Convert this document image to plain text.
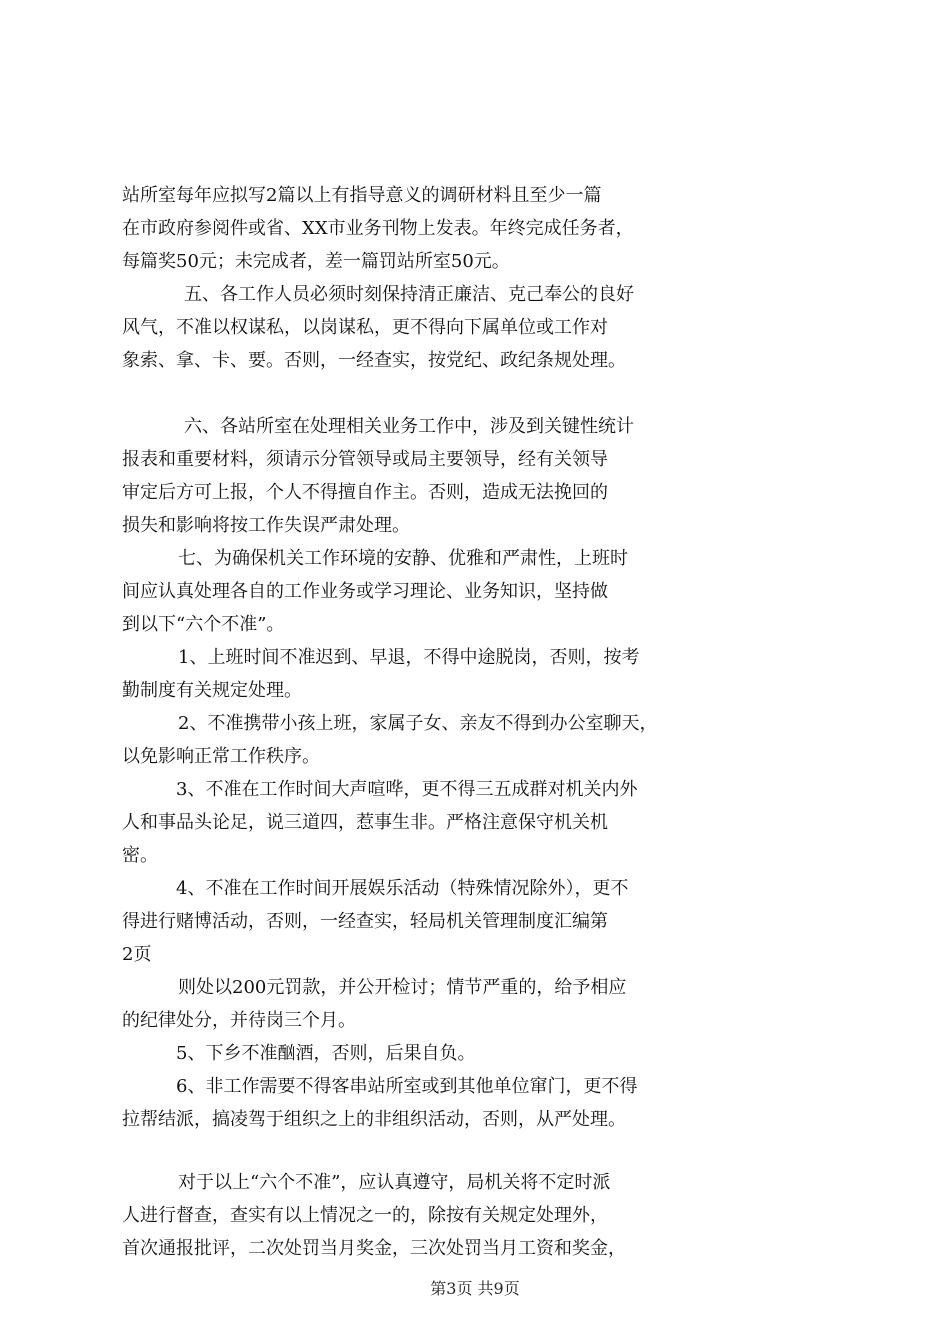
站所室每年应拟写2篇以上有指导意义的调研材料且至少一篇
在市政府参阅件或省、XX市业务刊物上发表。年终完成任务者，
每篇奖50元；未完成者，差一篇罚站所室50元。
五、各工作人员必须时刻保持清正廉洁、克己奉公的良好
风气，不准以权谋私，以岗谋私，更不得向下属单位或工作对
象索、拿、卡、要。否则，一经查实，按党纪、政纪条规处理。
六、各站所室在处理相关业务工作中，涉及到关键性统计
报表和重要材料，须请示分管领导或局主要领导，经有关领导
审定后方可上报，个人不得擅自作主。否则，造成无法挽回的
损失和影响将按工作失误严肃处理。
七、为确保机关工作环境的安静、优雅和严肃性，上班时
间应认真处理各自的工作业务或学习理论、业务知识，坚持做
到以下“六个不准”。
1、上班时间不准迟到、早退，不得中途脱岗，否则，按考
勤制度有关规定处理。
2、不准携带小孩上班，家属子女、亲友不得到办公室聊天，
以免影响正常工作秩序。
3、不准在工作时间大声喧哗，更不得三五成群对机关内外
人和事品头论足，说三道四，惹事生非。严格注意保守机关机
密。
4、不准在工作时间开展娱乐活动（特殊情况除外），更不
得进行赌博活动，否则，一经查实，轻局机关管理制度汇编第
2页
则处以200元罚款，并公开检讨；情节严重的，给予相应
的纪律处分，并待岗三个月。
5、下乡不准酗酒，否则，后果自负。
6、非工作需要不得客串站所室或到其他单位窜门，更不得
拉帮结派，搞凌驾于组织之上的非组织活动，否则，从严处理。
对于以上“六个不准”，应认真遵守，局机关将不定时派
人进行督查，查实有以上情况之一的，除按有关规定处理外，
首次通报批评，二次处罚当月奖金，三次处罚当月工资和奖金，
第3页 共9页
